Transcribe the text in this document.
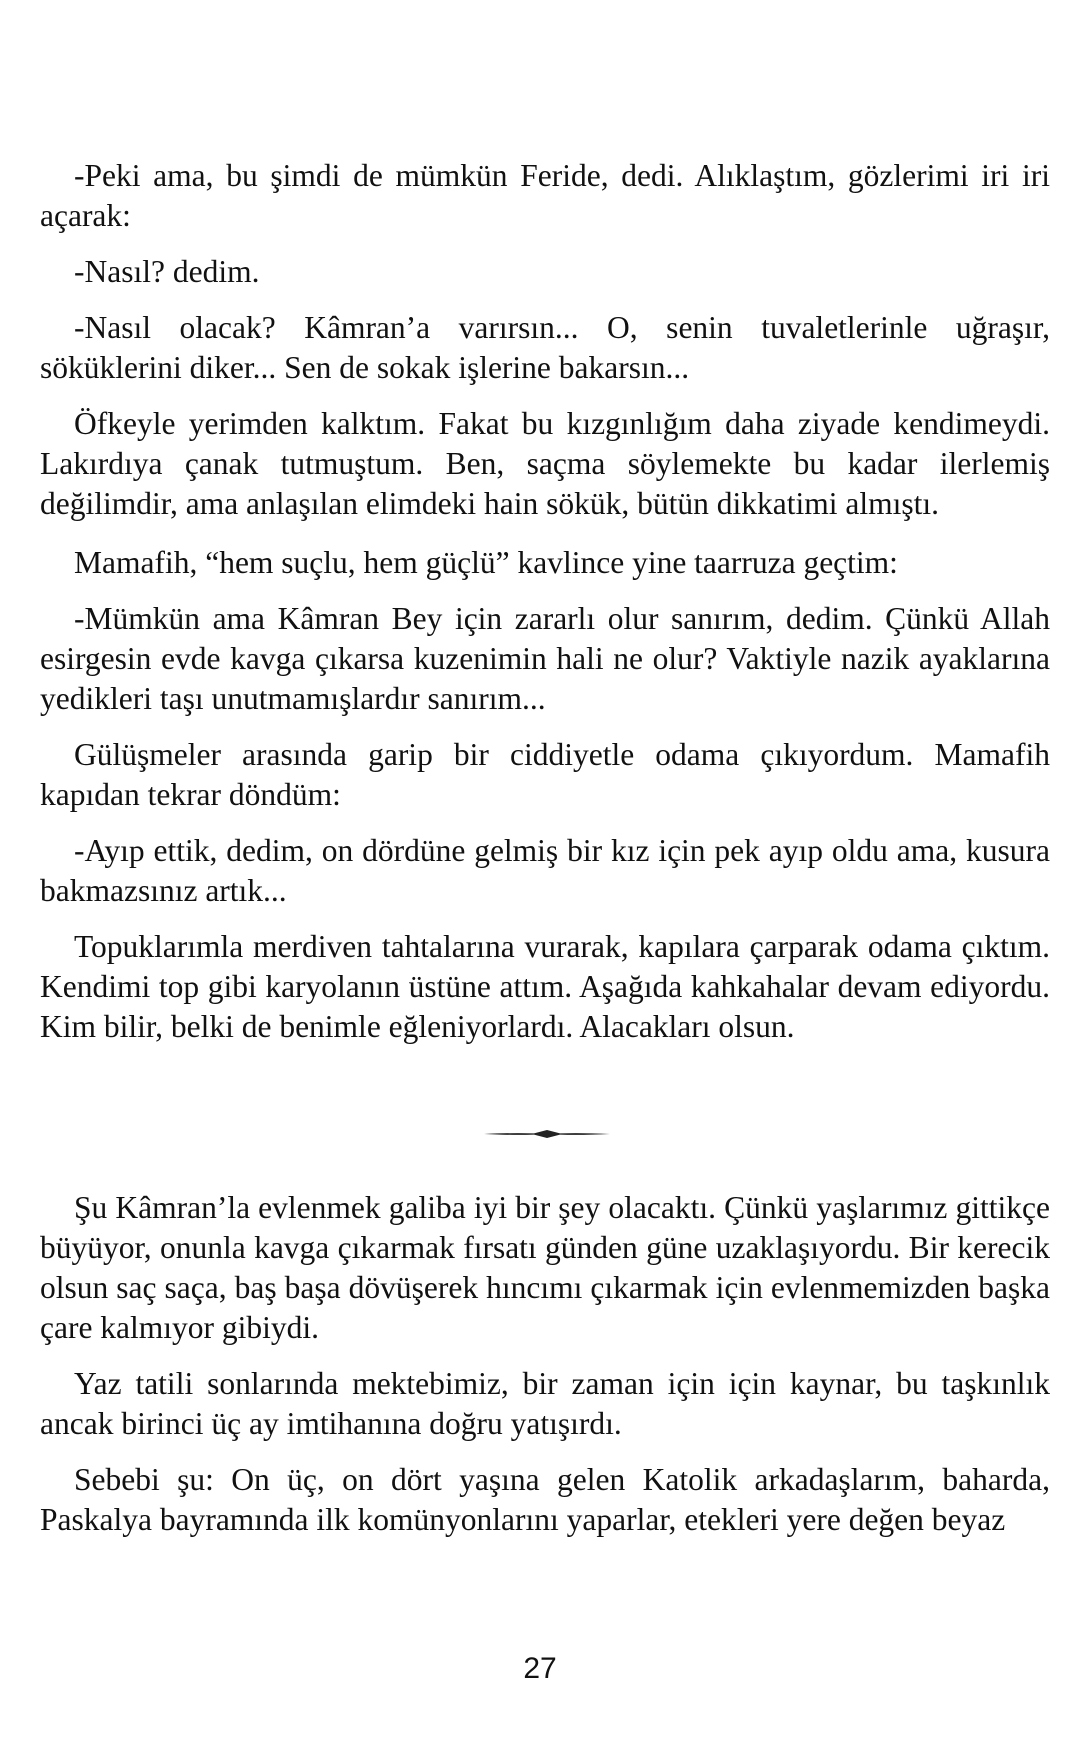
-Peki ama, bu şimdi de mümkün Feride, dedi. Alıklaştım, gözlerimi iri iri açarak:

-Nasıl? dedim.

-Nasıl olacak? Kâmran’a varırsın... O, senin tuvaletlerinle uğraşır, söküklerini diker... Sen de sokak işlerine bakarsın...

Öfkeyle yerimden kalktım. Fakat bu kızgınlığım daha ziyade kendimeydi. Lakırdıya çanak tutmuştum. Ben, saçma söylemekte bu kadar ilerlemiş değilimdir, ama anlaşılan elimdeki hain sökük, bütün dikkatimi almıştı.

Mamafih, “hem suçlu, hem güçlü” kavlince yine taarruza geçtim:

-Mümkün ama Kâmran Bey için zararlı olur sanırım, dedim. Çünkü Allah esirgesin evde kavga çıkarsa kuzenimin hali ne olur? Vaktiyle nazik ayaklarına yedikleri taşı unutmamışlardır sanırım...

Gülüşmeler arasında garip bir ciddiyetle odama çıkıyordum. Mamafih kapıdan tekrar döndüm:

-Ayıp ettik, dedim, on dördüne gelmiş bir kız için pek ayıp oldu ama, kusura bakmazsınız artık...

Topuklarımla merdiven tahtalarına vurarak, kapılara çarparak odama çıktım. Kendimi top gibi karyolanın üstüne attım. Aşağıda kahkahalar devam ediyordu. Kim bilir, belki de benimle eğleniyorlardı. Alacakları olsun.

Şu Kâmran’la evlenmek galiba iyi bir şey olacaktı. Çünkü yaşlarımız gittikçe büyüyor, onunla kavga çıkarmak fırsatı günden güne uzaklaşıyordu. Bir kerecik olsun saç saça, baş başa dövüşerek hıncımı çıkarmak için evlenmemizden başka çare kalmıyor gibiydi.

Yaz tatili sonlarında mektebimiz, bir zaman için için kaynar, bu taşkınlık ancak birinci üç ay imtihanına doğru yatışırdı.

Sebebi şu: On üç, on dört yaşına gelen Katolik arkadaşlarım, baharda, Paskalya bayramında ilk komünyonlarını yaparlar, etekleri yere değen beyaz

27
